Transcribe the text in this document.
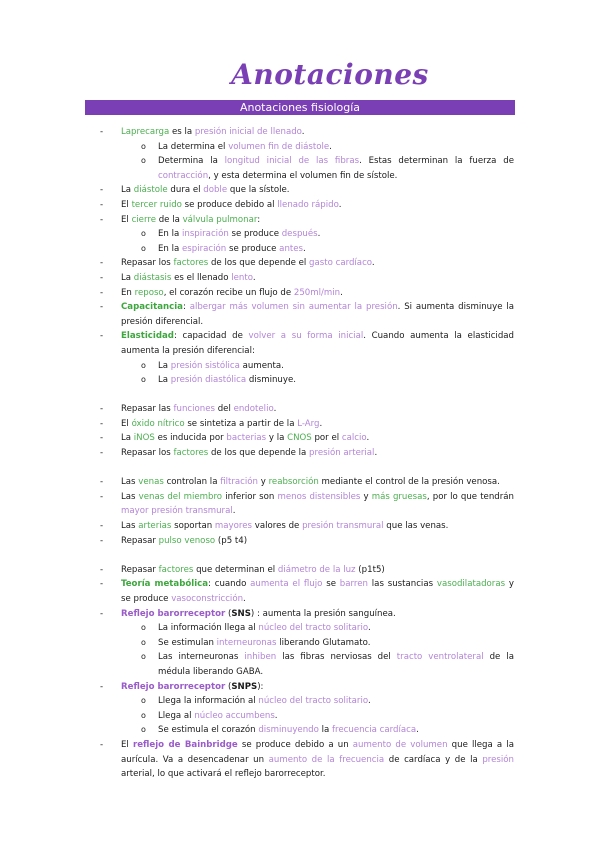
Anotaciones
Anotaciones fisiología
- Laprecarga es la presión inicial de llenado.
o La determina el volumen fin de diástole.
o Determina la longitud inicial de las fibras. Estas determinan la fuerza de contracción, y esta determina el volumen fin de sístole.
- La diástole dura el doble que la sístole.
- El tercer ruido se produce debido al llenado rápido.
- El cierre de la válvula pulmonar:
o En la inspiración se produce después.
o En la espiración se produce antes.
- Repasar los factores de los que depende el gasto cardíaco.
- La diástasis es el llenado lento.
- En reposo, el corazón recibe un flujo de 250ml/min.
- Capacitancia: albergar más volumen sin aumentar la presión. Si aumenta disminuye la presión diferencial.
- Elasticidad: capacidad de volver a su forma inicial. Cuando aumenta la elasticidad aumenta la presión diferencial:
o La presión sistólica aumenta.
o La presión diastólica disminuye.
- Repasar las funciones del endotelio.
- El óxido nítrico se sintetiza a partir de la L-Arg.
- La iNOS es inducida por bacterias y la CNOS por el calcio.
- Repasar los factores de los que depende la presión arterial.
- Las venas controlan la filtración y reabsorción mediante el control de la presión venosa.
- Las venas del miembro inferior son menos distensibles y más gruesas, por lo que tendrán mayor presión transmural.
- Las arterias soportan mayores valores de presión transmural que las venas.
- Repasar pulso venoso (p5 t4)
- Repasar factores que determinan el diámetro de la luz (p1t5)
- Teoría metabólica: cuando aumenta el flujo se barren las sustancias vasodilatadoras y se produce vasoconstricción.
- Reflejo barorreceptor (SNS) : aumenta la presión sanguínea.
o La información llega al núcleo del tracto solitario.
o Se estimulan interneuronas liberando Glutamato.
o Las interneuronas inhiben las fibras nerviosas del tracto ventrolateral de la médula liberando GABA.
- Reflejo barorreceptor (SNPS):
o Llega la información al núcleo del tracto solitario.
o Llega al núcleo accumbens.
o Se estimula el corazón disminuyendo la frecuencia cardíaca.
- El reflejo de Bainbridge se produce debido a un aumento de volumen que llega a la aurícula. Va a desencadenar un aumento de la frecuencia de cardíaca y de la presión arterial, lo que activará el reflejo barorreceptor.
